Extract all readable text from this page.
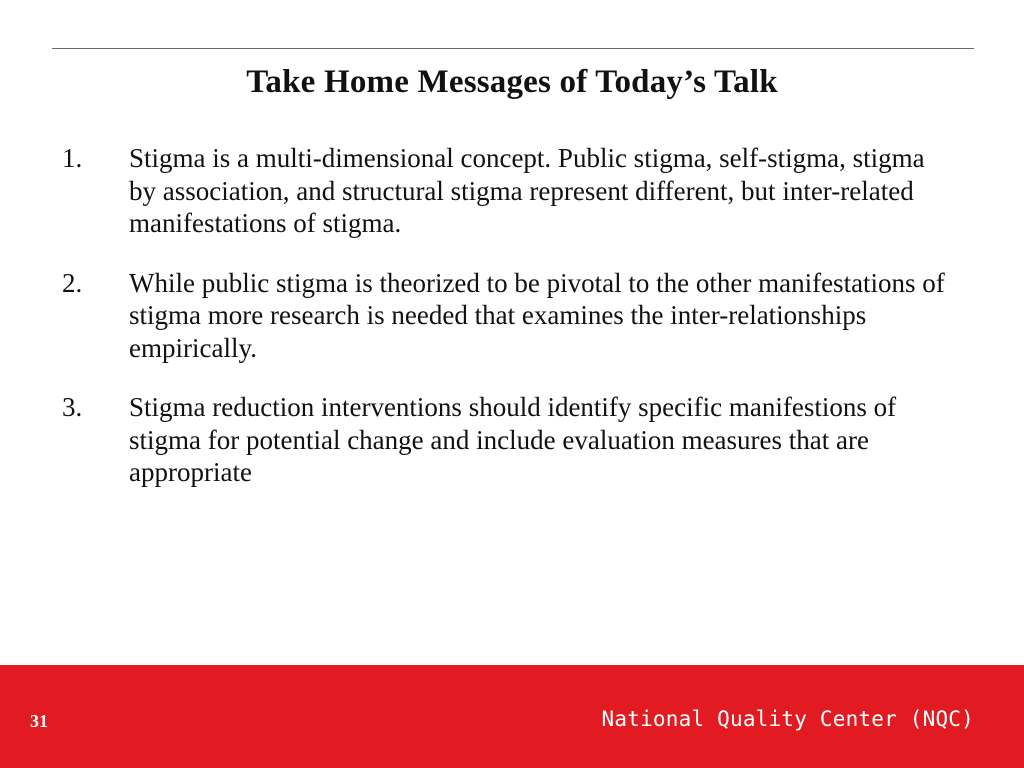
Take Home Messages of Today’s Talk
1.	Stigma is a multi-dimensional concept. Public stigma, self-stigma, stigma by association, and structural stigma represent different, but inter-related manifestations of stigma.
2.	While public stigma is theorized to be pivotal to the other manifestations of stigma more research is needed that examines the inter-relationships empirically.
3.	Stigma reduction interventions should identify specific manifestions of stigma for potential change and include evaluation measures that are appropriate
31	National Quality Center (NQC)
